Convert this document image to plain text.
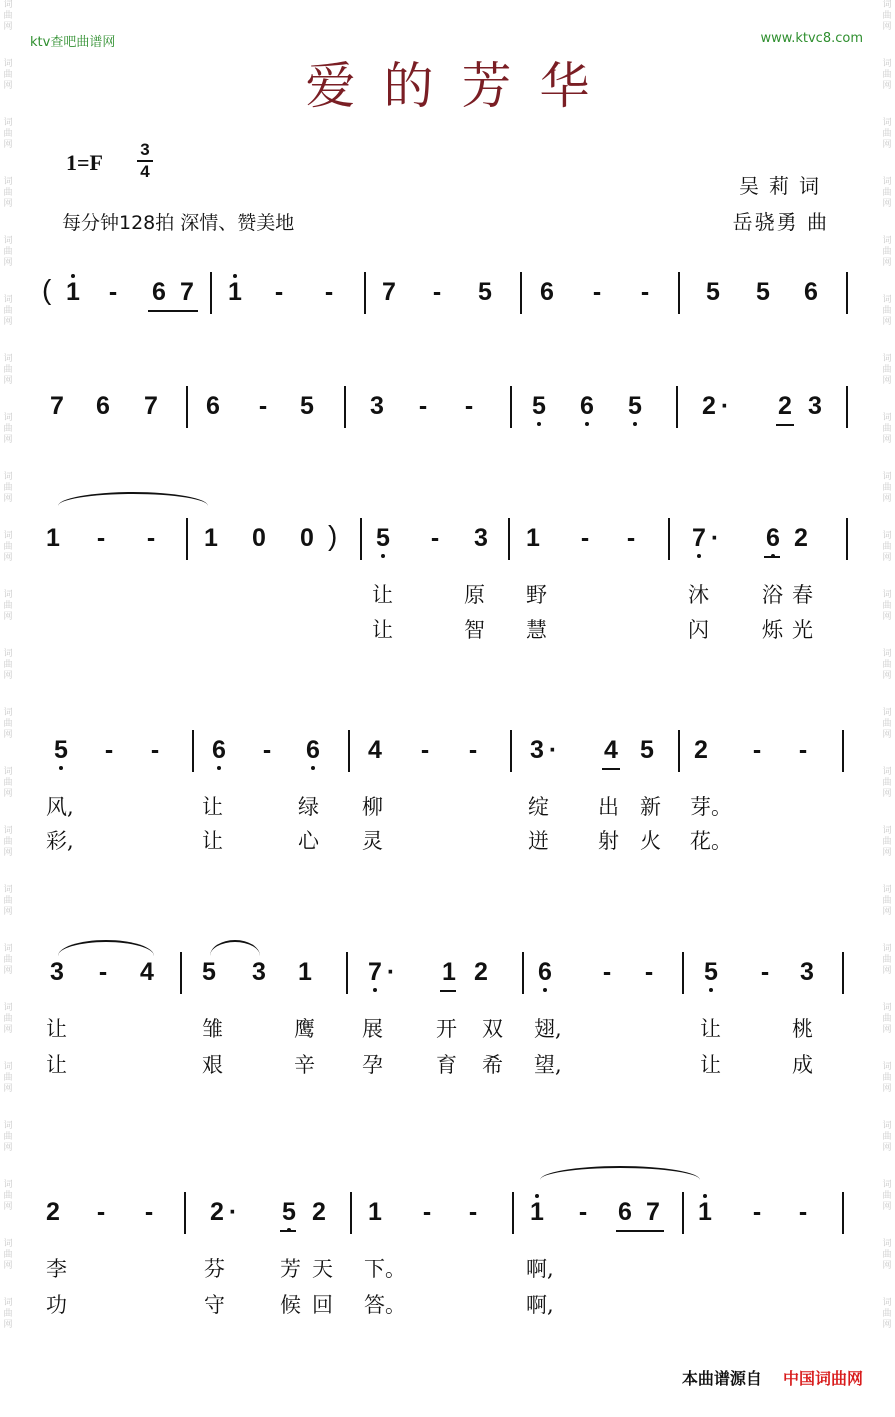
词
曲
网
词
曲
网
词
曲
网
词
曲
网
词
曲
网
词
曲
网
词
曲
网
词
曲
网
词
曲
网
词
曲
网
词
曲
网
词
曲
网
词
曲
网
词
曲
网
词
曲
网
词
曲
网
词
曲
网
词
曲
网
词
曲
网
词
曲
网
词
曲
网
词
曲
网
词
曲
网
词
曲
网
词
曲
网
词
曲
网
词
曲
网
词
曲
网
词
曲
网
词
曲
网
词
曲
网
词
曲
网
词
曲
网
词
曲
网
词
曲
网
词
曲
网
词
曲
网
词
曲
网
词
曲
网
词
曲
网
词
曲
网
词
曲
网
词
曲
网
词
曲
网
词
曲
网
词
曲
网
ktv查吧曲谱网	www.ktvc8.com
爱的芳华
1=F
3
4
每分钟128拍 深情、赞美地
吴莉词
岳骁勇 曲
( 1 - 6 7 1 - - 7 - 5 6 - - 5 5 6
7 6 7 6 - 5 3 - - 5 6 5 2 · 2 3
1 - - 1 0 0 ) 5 - 3 1 - - 7 · 6 2
让	原 野	沐	浴 春
让	智 慧	闪	烁 光
5 - - 6 - 6 4 - - 3 · 4 5 2 - -
风,	让	绿 柳	绽 出 新 芽。
彩,	让	心 灵	迸 射 火 花。
3 - 4 5 3 1 7 · 1 2 6 - - 5 - 3
让	雏	鹰 展	开 双 翅,	让	桃
让	艰	辛 孕	育 希 望,	让	成
2 - - 2 · 5 2 1 - - 1 - 6 7 1 - -
李	芬	芳 天 下。	啊,
功	守	候 回 答。	啊,
本曲谱源自 中国词曲网
